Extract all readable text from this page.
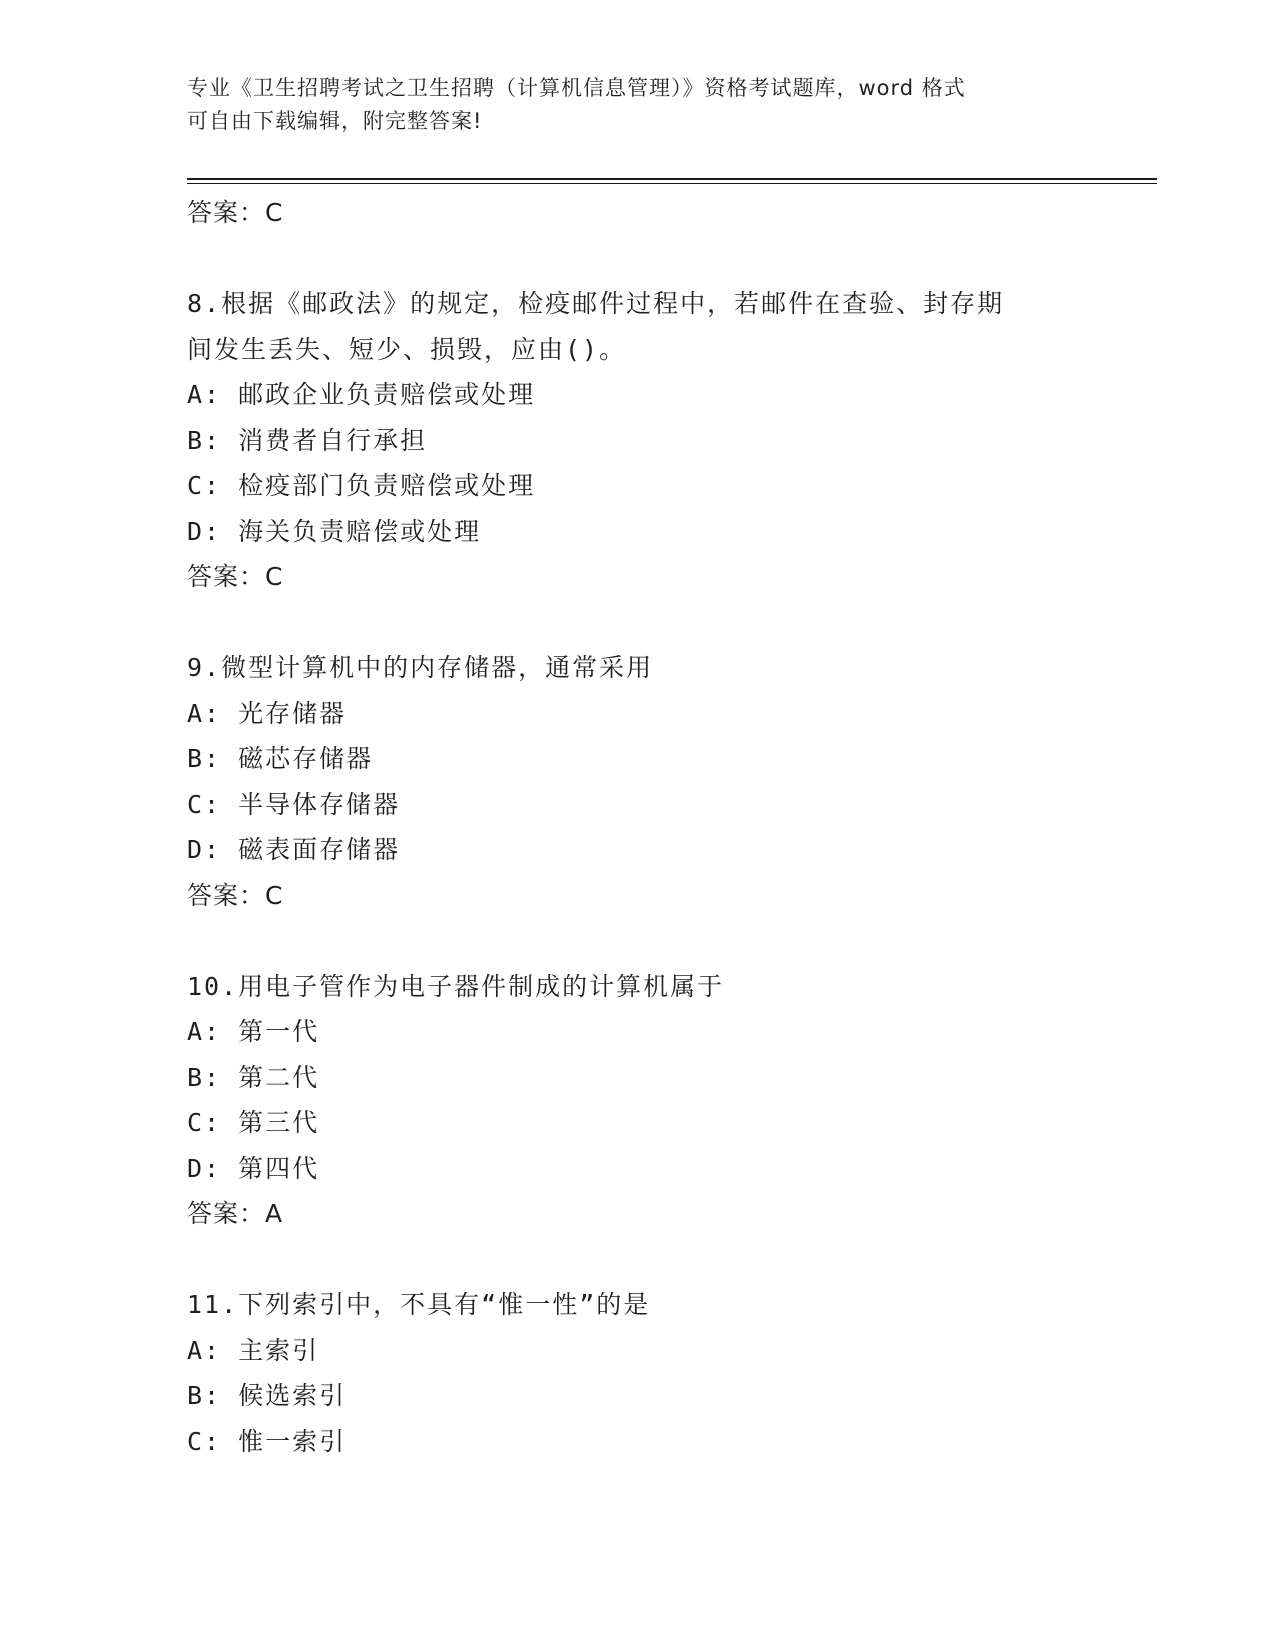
专业《卫生招聘考试之卫生招聘（计算机信息管理）》资格考试题库，word 格式
可自由下载编辑，附完整答案!
答案：C
8.根据《邮政法》的规定，检疫邮件过程中，若邮件在查验、封存期
间发生丢失、短少、损毁，应由()。
A: 邮政企业负责赔偿或处理
B: 消费者自行承担
C: 检疫部门负责赔偿或处理
D: 海关负责赔偿或处理
答案：C
9.微型计算机中的内存储器，通常采用
A: 光存储器
B: 磁芯存储器
C: 半导体存储器
D: 磁表面存储器
答案：C
10.用电子管作为电子器件制成的计算机属于
A: 第一代
B: 第二代
C: 第三代
D: 第四代
答案：A
11.下列索引中，不具有“惟一性”的是
A: 主索引
B: 候选索引
C: 惟一索引
